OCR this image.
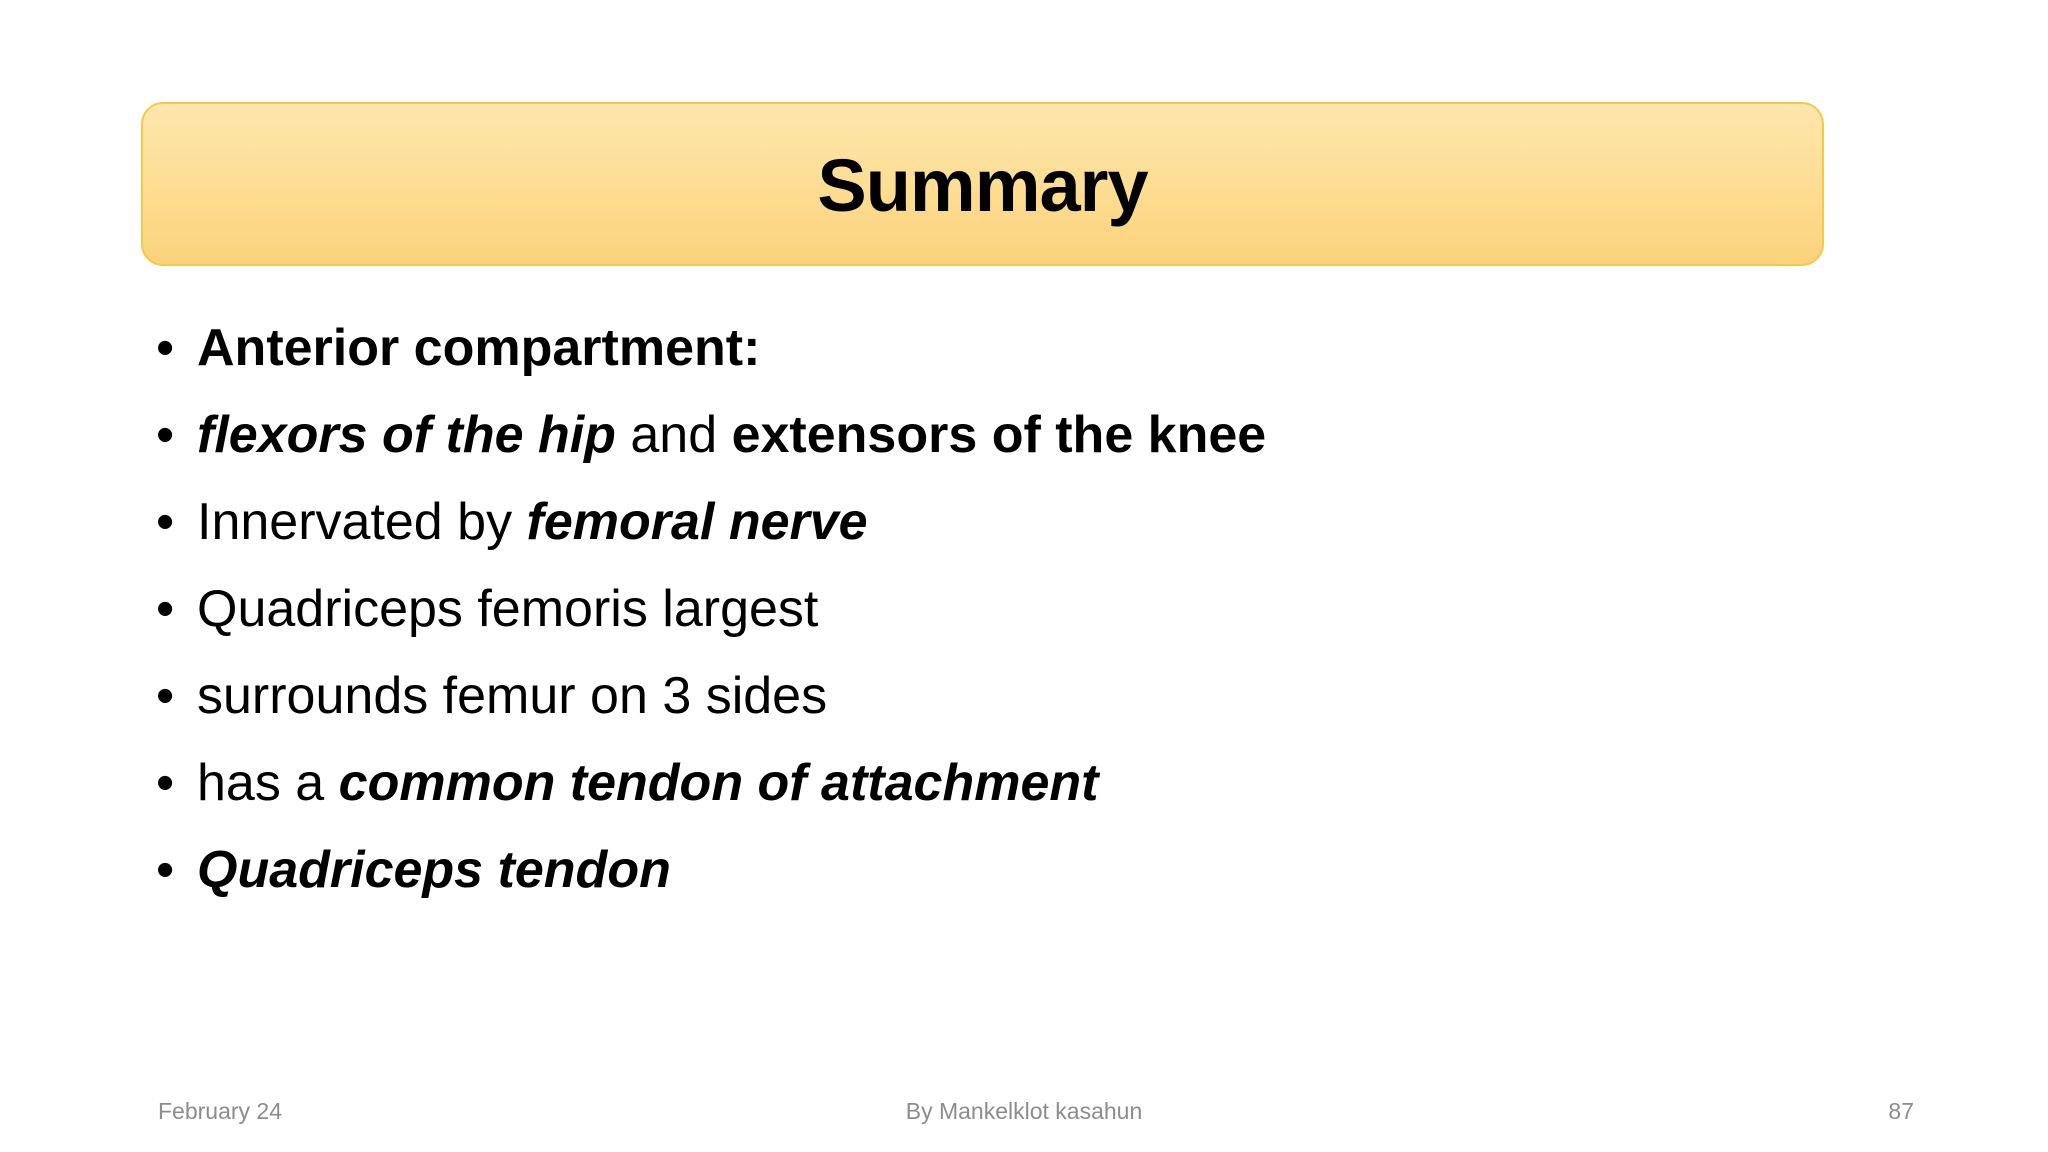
Summary
• Anterior compartment:
• flexors of the hip and extensors of the knee
• Innervated by femoral nerve
• Quadriceps femoris largest
• surrounds femur on 3 sides
• has a common tendon of attachment
• Quadriceps tendon
By Mankelklot kasahun
February 24	87
